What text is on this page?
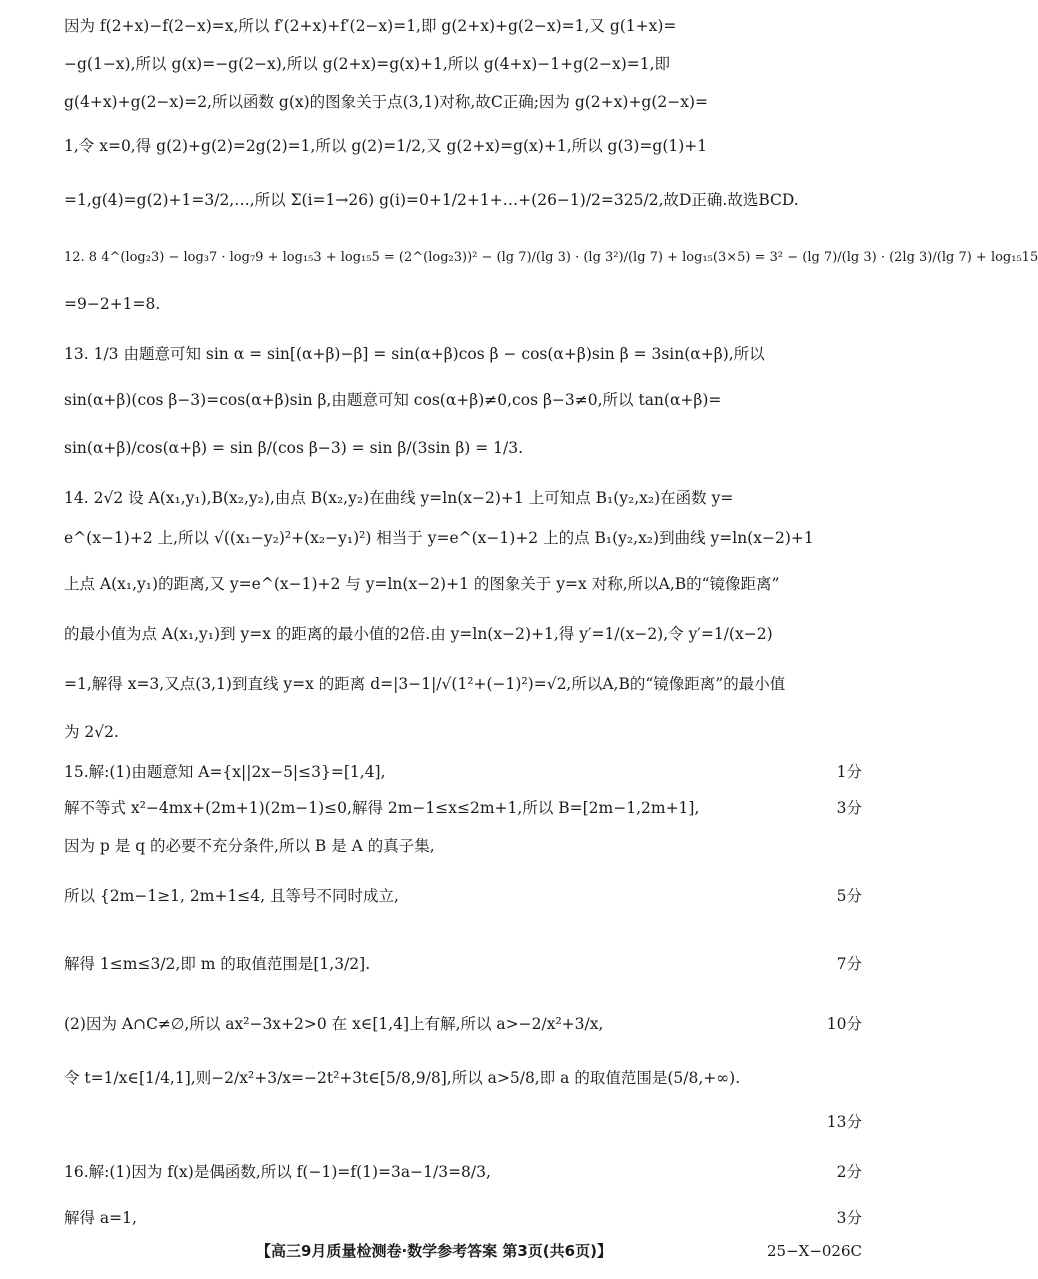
因为 f(2+x)−f(2−x)=x,所以 f′(2+x)+f′(2−x)=1,即 g(2+x)+g(2−x)=1,又 g(1+x)=
−g(1−x),所以 g(x)=−g(2−x),所以 g(2+x)=g(x)+1,所以 g(4+x)−1+g(2−x)=1,即
g(4+x)+g(2−x)=2,所以函数 g(x)的图象关于点(3,1)对称,故C正确;因为 g(2+x)+g(2−x)=
1,令 x=0,得 g(2)+g(2)=2g(2)=1,所以 g(2)=1/2,又 g(2+x)=g(x)+1,所以 g(3)=g(1)+1
=1,g(4)=g(2)+1=3/2,…,所以 Σ(i=1→26) g(i)=0+1/2+1+…+(26−1)/2=325/2,故D正确.故选BCD.
12. 8 4^(log₂3) − log₃7 · log₇9 + log₁₅3 + log₁₅5 = (2^(log₂3))² − (lg 7)/(lg 3) · (lg 3²)/(lg 7) + log₁₅(3×5) = 3² − (lg 7)/(lg 3) · (2lg 3)/(lg 7) + log₁₅15
=9−2+1=8.
13. 1/3 由题意可知 sin α = sin[(α+β)−β] = sin(α+β)cos β − cos(α+β)sin β = 3sin(α+β),所以
sin(α+β)(cos β−3)=cos(α+β)sin β,由题意可知 cos(α+β)≠0,cos β−3≠0,所以 tan(α+β)=
sin(α+β)/cos(α+β) = sin β/(cos β−3) = sin β/(3sin β) = 1/3.
14. 2√2 设 A(x₁,y₁),B(x₂,y₂),由点 B(x₂,y₂)在曲线 y=ln(x−2)+1 上可知点 B₁(y₂,x₂)在函数 y=
e^(x−1)+2 上,所以 √((x₁−y₂)²+(x₂−y₁)²) 相当于 y=e^(x−1)+2 上的点 B₁(y₂,x₂)到曲线 y=ln(x−2)+1
上点 A(x₁,y₁)的距离,又 y=e^(x−1)+2 与 y=ln(x−2)+1 的图象关于 y=x 对称,所以A,B的“镜像距离”
的最小值为点 A(x₁,y₁)到 y=x 的距离的最小值的2倍.由 y=ln(x−2)+1,得 y′=1/(x−2),令 y′=1/(x−2)
=1,解得 x=3,又点(3,1)到直线 y=x 的距离 d=|3−1|/√(1²+(−1)²)=√2,所以A,B的“镜像距离”的最小值
为 2√2.
15.解:(1)由题意知 A={x||2x−5|≤3}=[1,4],	1分
解不等式 x²−4mx+(2m+1)(2m−1)≤0,解得 2m−1≤x≤2m+1,所以 B=[2m−1,2m+1],	3分
因为 p 是 q 的必要不充分条件,所以 B 是 A 的真子集,
所以 {2m−1≥1, 2m+1≤4, 且等号不同时成立,	5分
解得 1≤m≤3/2,即 m 的取值范围是[1,3/2].	7分
(2)因为 A∩C≠∅,所以 ax²−3x+2>0 在 x∈[1,4]上有解,所以 a>−2/x²+3/x,	10分
令 t=1/x∈[1/4,1],则−2/x²+3/x=−2t²+3t∈[5/8,9/8],所以 a>5/8,即 a 的取值范围是(5/8,+∞).
13分
16.解:(1)因为 f(x)是偶函数,所以 f(−1)=f(1)=3a−1/3=8/3,	2分
解得 a=1,	3分
【高三9月质量检测卷·数学参考答案 第3页(共6页)】	25−X−026C
